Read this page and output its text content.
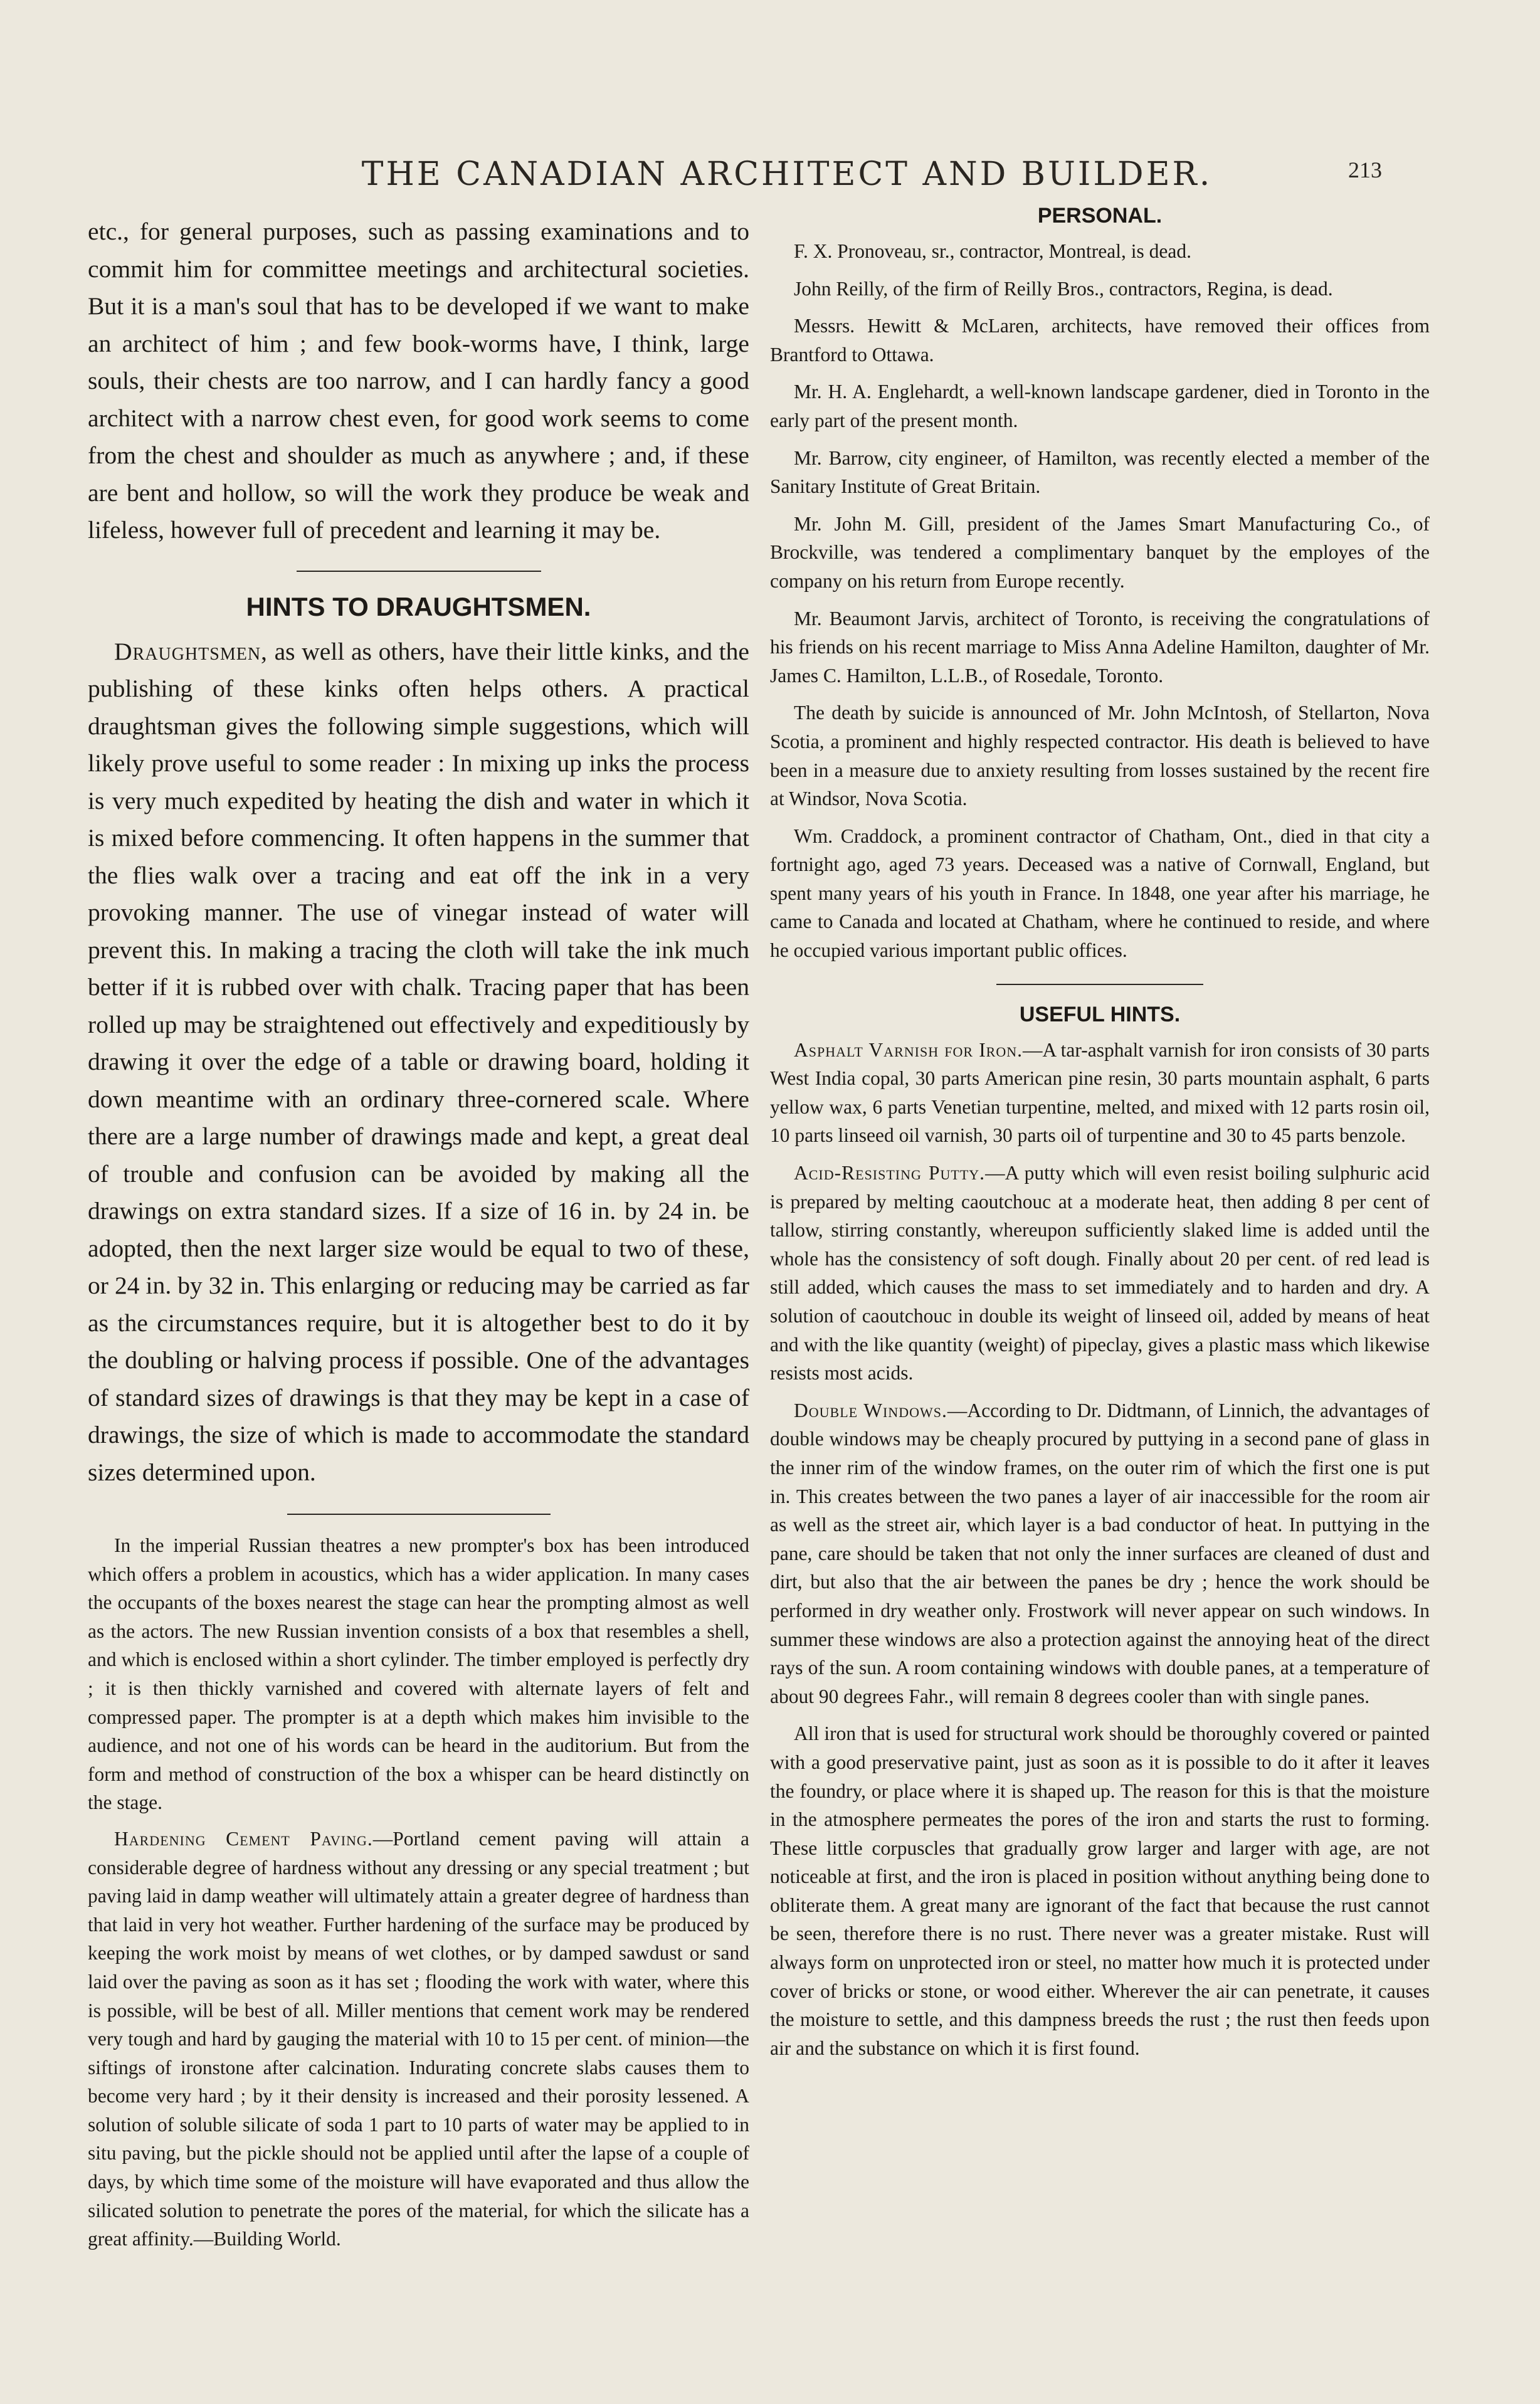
THE CANADIAN ARCHITECT AND BUILDER.	213

etc., for general purposes, such as passing examinations and to commit him for committee meetings and architectural societies. But it is a man's soul that has to be developed if we want to make an architect of him ; and few book-worms have, I think, large souls, their chests are too narrow, and I can hardly fancy a good architect with a narrow chest even, for good work seems to come from the chest and shoulder as much as anywhere ; and, if these are bent and hollow, so will the work they produce be weak and lifeless, however full of precedent and learning it may be.

HINTS TO DRAUGHTSMEN.

Draughtsmen, as well as others, have their little kinks, and the publishing of these kinks often helps others. A practical draughtsman gives the following simple suggestions, which will likely prove useful to some reader : In mixing up inks the process is very much expedited by heating the dish and water in which it is mixed before commencing. It often happens in the summer that the flies walk over a tracing and eat off the ink in a very provoking manner. The use of vinegar instead of water will prevent this. In making a tracing the cloth will take the ink much better if it is rubbed over with chalk. Tracing paper that has been rolled up may be straightened out effectively and expeditiously by drawing it over the edge of a table or drawing board, holding it down meantime with an ordinary three-cornered scale. Where there are a large number of drawings made and kept, a great deal of trouble and confusion can be avoided by making all the drawings on extra standard sizes. If a size of 16 in. by 24 in. be adopted, then the next larger size would be equal to two of these, or 24 in. by 32 in. This enlarging or reducing may be carried as far as the circumstances require, but it is altogether best to do it by the doubling or halving process if possible. One of the advantages of standard sizes of drawings is that they may be kept in a case of drawings, the size of which is made to accommodate the standard sizes determined upon.

In the imperial Russian theatres a new prompter's box has been introduced which offers a problem in acoustics, which has a wider application. In many cases the occupants of the boxes nearest the stage can hear the prompting almost as well as the actors. The new Russian invention consists of a box that resembles a shell, and which is enclosed within a short cylinder. The timber employed is perfectly dry ; it is then thickly varnished and covered with alternate layers of felt and compressed paper. The prompter is at a depth which makes him invisible to the audience, and not one of his words can be heard in the auditorium. But from the form and method of construction of the box a whisper can be heard distinctly on the stage.

Hardening Cement Paving.—Portland cement paving will attain a considerable degree of hardness without any dressing or any special treatment ; but paving laid in damp weather will ultimately attain a greater degree of hardness than that laid in very hot weather. Further hardening of the surface may be produced by keeping the work moist by means of wet clothes, or by damped sawdust or sand laid over the paving as soon as it has set ; flooding the work with water, where this is possible, will be best of all. Miller mentions that cement work may be rendered very tough and hard by gauging the material with 10 to 15 per cent. of minion—the siftings of ironstone after calcination. Indurating concrete slabs causes them to become very hard ; by it their density is increased and their porosity lessened. A solution of soluble silicate of soda 1 part to 10 parts of water may be applied to in situ paving, but the pickle should not be applied until after the lapse of a couple of days, by which time some of the moisture will have evaporated and thus allow the silicated solution to penetrate the pores of the material, for which the silicate has a great affinity.—Building World.

PERSONAL.

F. X. Pronoveau, sr., contractor, Montreal, is dead.

John Reilly, of the firm of Reilly Bros., contractors, Regina, is dead.

Messrs. Hewitt & McLaren, architects, have removed their offices from Brantford to Ottawa.

Mr. H. A. Englehardt, a well-known landscape gardener, died in Toronto in the early part of the present month.

Mr. Barrow, city engineer, of Hamilton, was recently elected a member of the Sanitary Institute of Great Britain.

Mr. John M. Gill, president of the James Smart Manufacturing Co., of Brockville, was tendered a complimentary banquet by the employes of the company on his return from Europe recently.

Mr. Beaumont Jarvis, architect of Toronto, is receiving the congratulations of his friends on his recent marriage to Miss Anna Adeline Hamilton, daughter of Mr. James C. Hamilton, L.L.B., of Rosedale, Toronto.

The death by suicide is announced of Mr. John McIntosh, of Stellarton, Nova Scotia, a prominent and highly respected contractor. His death is believed to have been in a measure due to anxiety resulting from losses sustained by the recent fire at Windsor, Nova Scotia.

Wm. Craddock, a prominent contractor of Chatham, Ont., died in that city a fortnight ago, aged 73 years. Deceased was a native of Cornwall, England, but spent many years of his youth in France. In 1848, one year after his marriage, he came to Canada and located at Chatham, where he continued to reside, and where he occupied various important public offices.

USEFUL HINTS.

Asphalt Varnish for Iron.—A tar-asphalt varnish for iron consists of 30 parts West India copal, 30 parts American pine resin, 30 parts mountain asphalt, 6 parts yellow wax, 6 parts Venetian turpentine, melted, and mixed with 12 parts rosin oil, 10 parts linseed oil varnish, 30 parts oil of turpentine and 30 to 45 parts benzole.

Acid-Resisting Putty.—A putty which will even resist boiling sulphuric acid is prepared by melting caoutchouc at a moderate heat, then adding 8 per cent of tallow, stirring constantly, whereupon sufficiently slaked lime is added until the whole has the consistency of soft dough. Finally about 20 per cent. of red lead is still added, which causes the mass to set immediately and to harden and dry. A solution of caoutchouc in double its weight of linseed oil, added by means of heat and with the like quantity (weight) of pipeclay, gives a plastic mass which likewise resists most acids.

Double Windows.—According to Dr. Didtmann, of Linnich, the advantages of double windows may be cheaply procured by puttying in a second pane of glass in the inner rim of the window frames, on the outer rim of which the first one is put in. This creates between the two panes a layer of air inaccessible for the room air as well as the street air, which layer is a bad conductor of heat. In puttying in the pane, care should be taken that not only the inner surfaces are cleaned of dust and dirt, but also that the air between the panes be dry ; hence the work should be performed in dry weather only. Frostwork will never appear on such windows. In summer these windows are also a protection against the annoying heat of the direct rays of the sun. A room containing windows with double panes, at a temperature of about 90 degrees Fahr., will remain 8 degrees cooler than with single panes.

All iron that is used for structural work should be thoroughly covered or painted with a good preservative paint, just as soon as it is possible to do it after it leaves the foundry, or place where it is shaped up. The reason for this is that the moisture in the atmosphere permeates the pores of the iron and starts the rust to forming. These little corpuscles that gradually grow larger and larger with age, are not noticeable at first, and the iron is placed in position without anything being done to obliterate them. A great many are ignorant of the fact that because the rust cannot be seen, therefore there is no rust. There never was a greater mistake. Rust will always form on unprotected iron or steel, no matter how much it is protected under cover of bricks or stone, or wood either. Wherever the air can penetrate, it causes the moisture to settle, and this dampness breeds the rust ; the rust then feeds upon air and the substance on which it is first found.
